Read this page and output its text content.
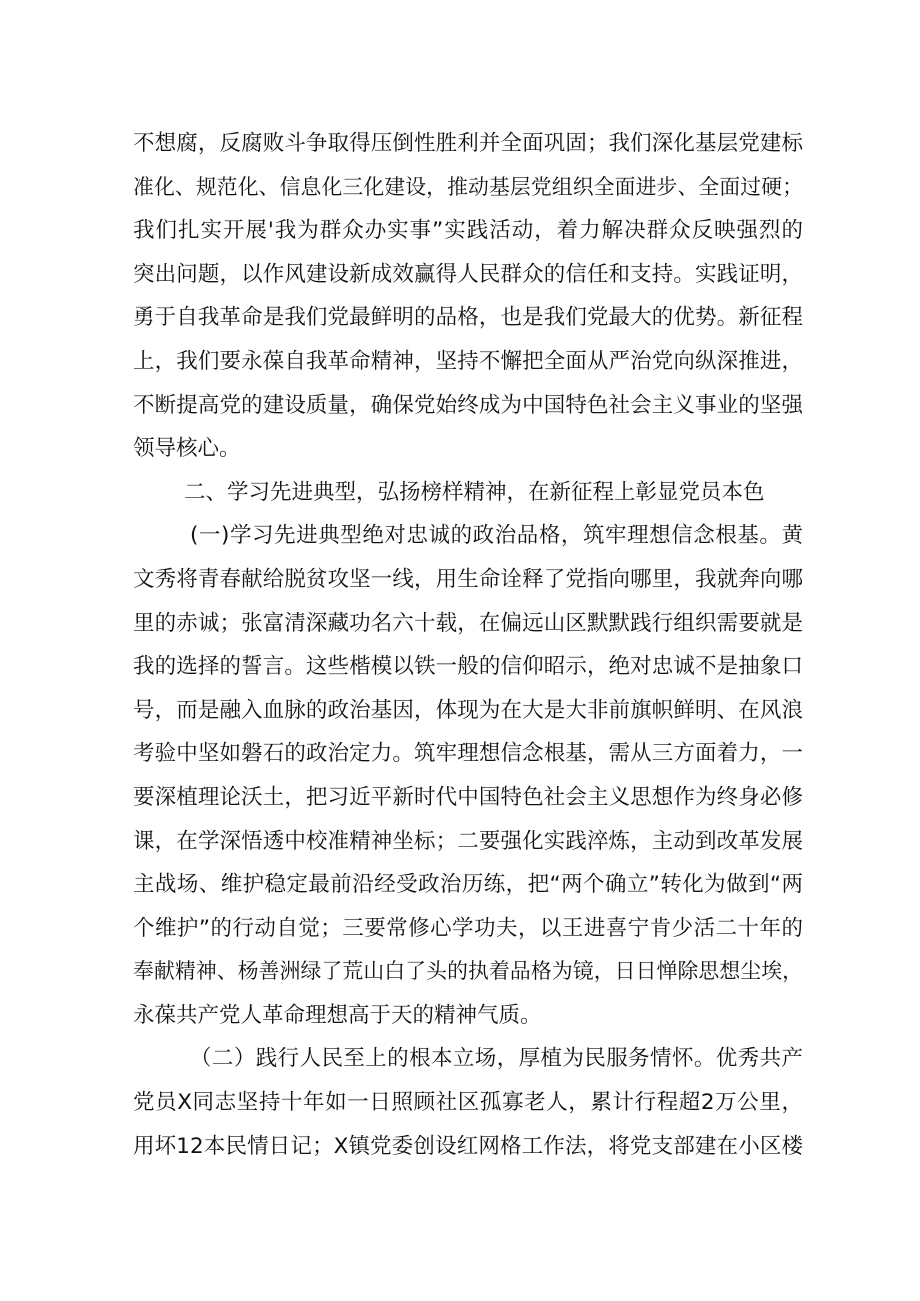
不想腐，反腐败斗争取得压倒性胜利并全面巩固；我们深化基层党建标
准化、规范化、信息化三化建设，推动基层党组织全面进步、全面过硬；
我们扎实开展'我为群众办实事”实践活动，着力解决群众反映强烈的
突出问题，以作风建设新成效赢得人民群众的信任和支持。实践证明，
勇于自我革命是我们党最鲜明的品格，也是我们党最大的优势。新征程
上，我们要永葆自我革命精神，坚持不懈把全面从严治党向纵深推进，
不断提高党的建设质量，确保党始终成为中国特色社会主义事业的坚强
领导核心。
二、学习先进典型，弘扬榜样精神，在新征程上彰显党员本色
(一)学习先进典型绝对忠诚的政治品格，筑牢理想信念根基。黄
文秀将青春献给脱贫攻坚一线，用生命诠释了党指向哪里，我就奔向哪
里的赤诚；张富清深藏功名六十载，在偏远山区默默践行组织需要就是
我的选择的誓言。这些楷模以铁一般的信仰昭示，绝对忠诚不是抽象口
号，而是融入血脉的政治基因，体现为在大是大非前旗帜鲜明、在风浪
考验中坚如磐石的政治定力。筑牢理想信念根基，需从三方面着力，一
要深植理论沃土，把习近平新时代中国特色社会主义思想作为终身必修
课，在学深悟透中校准精神坐标；二要强化实践淬炼，主动到改革发展
主战场、维护稳定最前沿经受政治历练，把“两个确立”转化为做到“两
个维护”的行动自觉；三要常修心学功夫，以王进喜宁肯少活二十年的
奉献精神、杨善洲绿了荒山白了头的执着品格为镜，日日惮除思想尘埃，
永葆共产党人革命理想高于天的精神气质。
（二）践行人民至上的根本立场，厚植为民服务情怀。优秀共产
党员X同志坚持十年如一日照顾社区孤寡老人，累计行程超2万公里，
用坏12本民情日记；X镇党委创设红网格工作法，将党支部建在小区楼
